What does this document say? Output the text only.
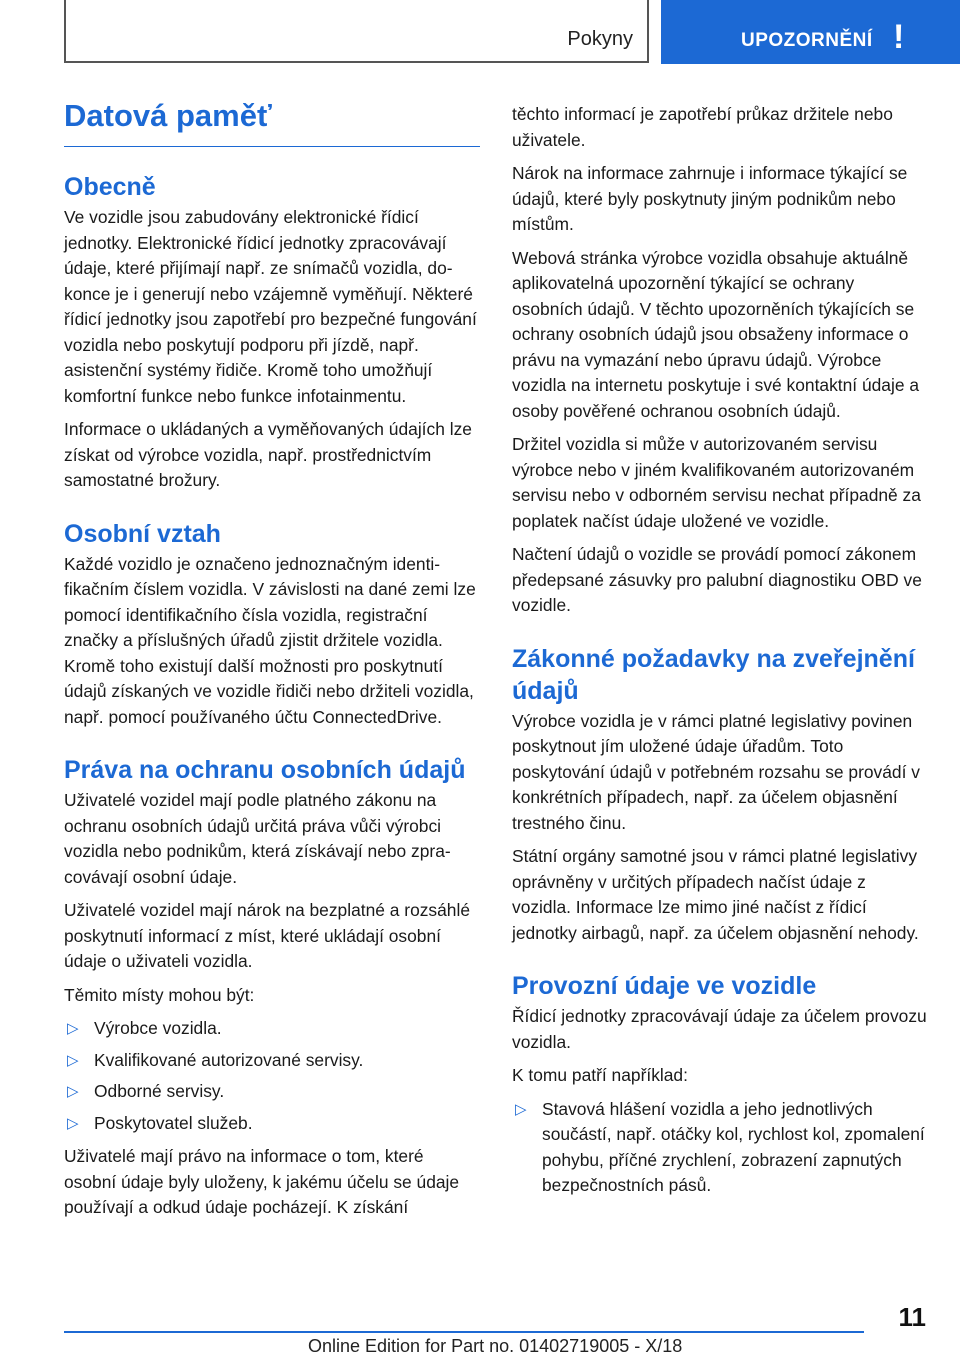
Pokyny	UPOZORNĚNÍ !
Datová paměť
Obecně

Ve vozidle jsou zabudovány elektronické řídicí jednotky. Elektronické řídicí jednotky zpracovávají údaje, které přijímají např. ze snímačů vozidla, dokonce je i generují nebo vzájemně vyměňují. Některé řídicí jednotky jsou zapotřebí pro bezpečné fungování vozidla nebo poskytují podporu při jízdě, např. asistenční systémy řidiče. Kromě toho umožňují komfortní funkce nebo funkce infotainmentu.

Informace o ukládaných a vyměňovaných údajích lze získat od výrobce vozidla, např. prostřednictvím samostatné brožury.

Osobní vztah

Každé vozidlo je označeno jednoznačným identifikačním číslem vozidla. V závislosti na dané zemi lze pomocí identifikačního čísla vozidla, registrační značky a příslušných úřadů zjistit držitele vozidla. Kromě toho existují další možnosti pro poskytnutí údajů získaných ve vozidle řidiči nebo držiteli vozidla, např. pomocí používaného účtu ConnectedDrive.

Práva na ochranu osobních údajů

Uživatelé vozidel mají podle platného zákonu na ochranu osobních údajů určitá práva vůči výrobci vozidla nebo podnikům, která získávají nebo zpracovávají osobní údaje.

Uživatelé vozidel mají nárok na bezplatné a rozsáhlé poskytnutí informací z míst, které ukládají osobní údaje o uživateli vozidla.

Těmito místy mohou být:

▷ Výrobce vozidla.
▷ Kvalifikované autorizované servisy.
▷ Odborné servisy.
▷ Poskytovatel služeb.

Uživatelé mají právo na informace o tom, které osobní údaje byly uloženy, k jakému účelu se údaje používají a odkud údaje pocházejí. K získání

těchto informací je zapotřebí průkaz držitele nebo uživatele.

Nárok na informace zahrnuje i informace týkající se údajů, které byly poskytnuty jiným podnikům nebo místům.

Webová stránka výrobce vozidla obsahuje aktuálně aplikovatelná upozornění týkající se ochrany osobních údajů. V těchto upozorněních týkajících se ochrany osobních údajů jsou obsaženy informace o právu na vymazání nebo úpravu údajů. Výrobce vozidla na internetu poskytuje i své kontaktní údaje a osoby pověřené ochranou osobních údajů.

Držitel vozidla si může v autorizovaném servisu výrobce nebo v jiném kvalifikovaném autorizovaném servisu nebo v odborném servisu nechat případně za poplatek načíst údaje uložené ve vozidle.

Načtení údajů o vozidle se provádí pomocí zákonem předepsané zásuvky pro palubní diagnostiku OBD ve vozidle.

Zákonné požadavky na zveřejnění údajů

Výrobce vozidla je v rámci platné legislativy povinen poskytnout jím uložené údaje úřadům. Toto poskytování údajů v potřebném rozsahu se provádí v konkrétních případech, např. za účelem objasnění trestného činu.

Státní orgány samotné jsou v rámci platné legislativy oprávněny v určitých případech načíst údaje z vozidla. Informace lze mimo jiné načíst z řídicí jednotky airbagů, např. za účelem objasnění nehody.

Provozní údaje ve vozidle

Řídicí jednotky zpracovávají údaje za účelem provozu vozidla.

K tomu patří například:

▷ Stavová hlášení vozidla a jeho jednotlivých součástí, např. otáčky kol, rychlost kol, zpomalení pohybu, příčné zrychlení, zobrazení zapnutých bezpečnostních pásů.
11
Online Edition for Part no. 01402719005 - X/18
